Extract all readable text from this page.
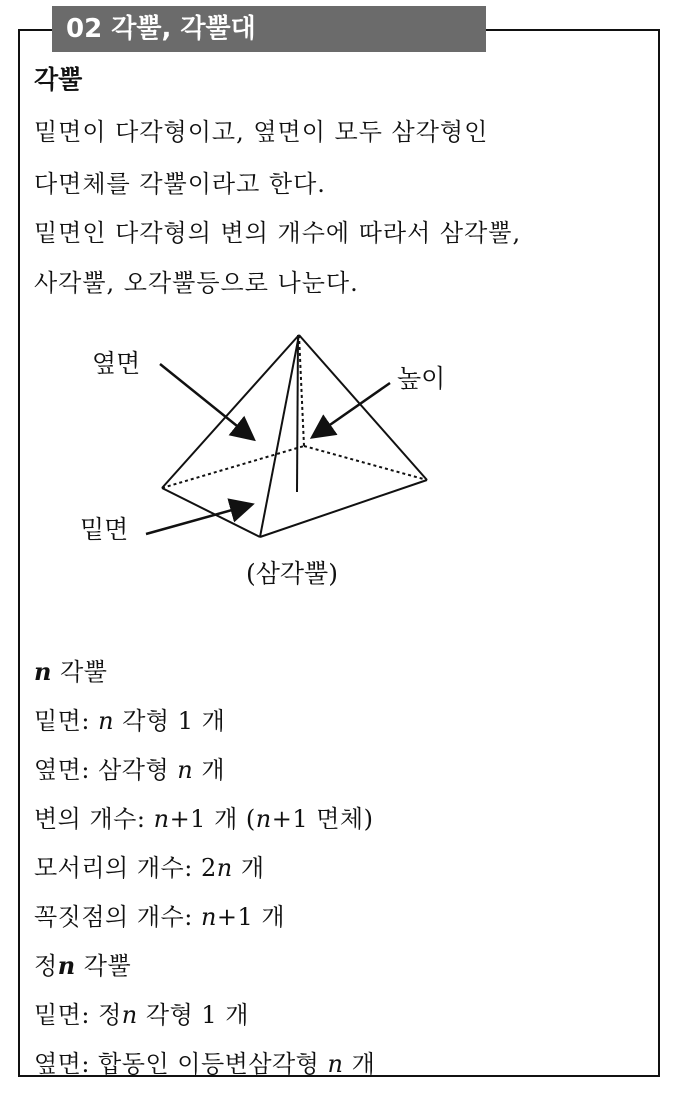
02 각뿔, 각뿔대
각뿔
밑면이 다각형이고, 옆면이 모두 삼각형인
다면체를 각뿔이라고 한다.
밑면인 다각형의 변의 개수에 따라서 삼각뿔,
사각뿔, 오각뿔등으로 나눈다.
옆면
높이
밑면
(삼각뿔)
n 각뿔
밑면: n 각형 1 개
옆면: 삼각형 n 개
변의 개수: n+1 개 (n+1 면체)
모서리의 개수: 2n 개
꼭짓점의 개수: n+1 개
정n 각뿔
밑면: 정n 각형 1 개
옆면: 합동인 이등변삼각형 n 개
